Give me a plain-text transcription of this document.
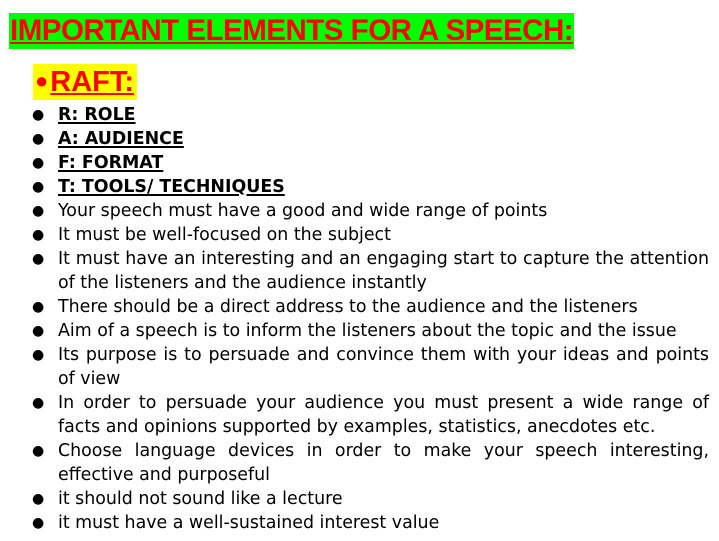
IMPORTANT ELEMENTS FOR A SPEECH:
● RAFT:
● R: ROLE
● A: AUDIENCE
● F: FORMAT
● T: TOOLS/ TECHNIQUES
● Your speech must have a good and wide range of points
● It must be well-focused on the subject
● It must have an interesting and an engaging start to capture the attention of the listeners and the audience instantly
● There should be a direct address to the audience and the listeners
● Aim of a speech is to inform the listeners about the topic and the issue
● Its purpose is to persuade and convince them with your ideas and points of view
● In order to persuade your audience you must present a wide range of facts and opinions supported by examples, statistics, anecdotes etc.
● Choose language devices in order to make your speech interesting, effective and purposeful
● it should not sound like a lecture
● it must have a well-sustained interest value
